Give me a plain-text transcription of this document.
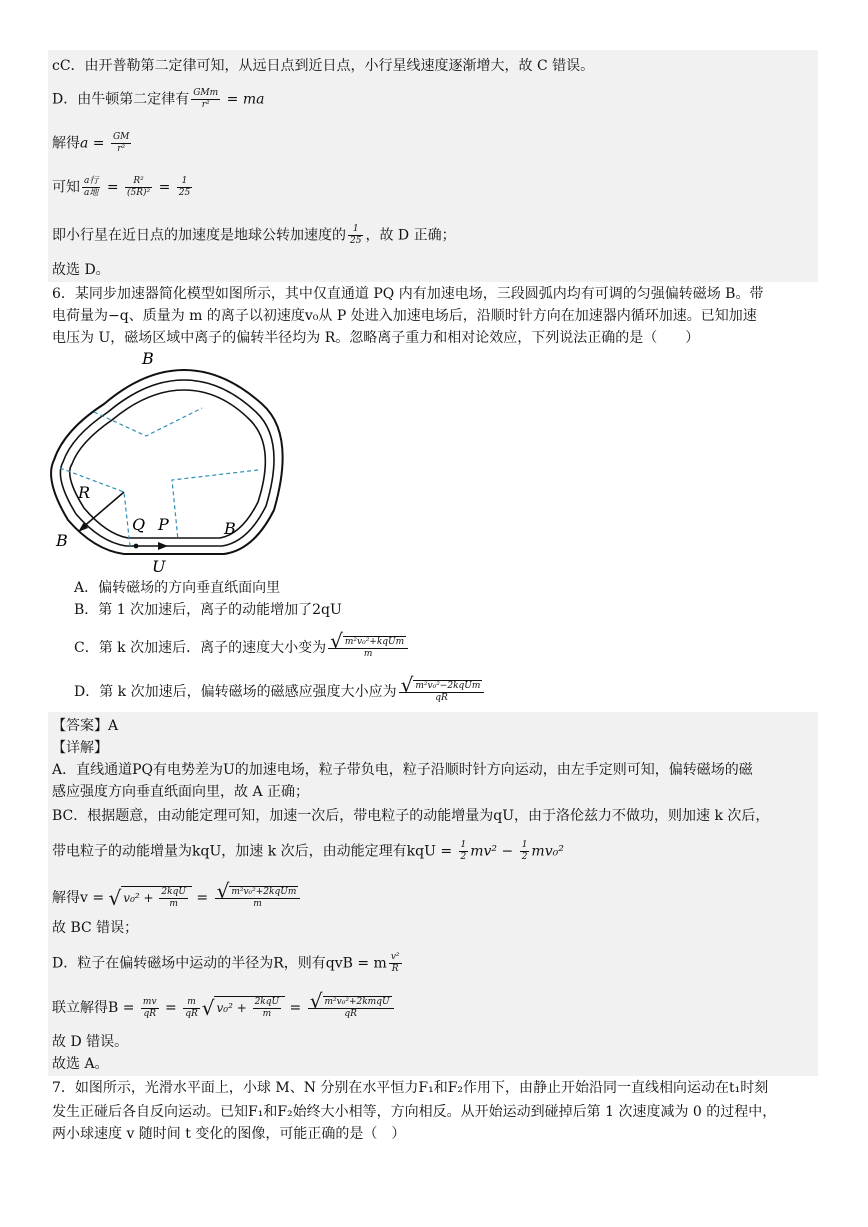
cC．由开普勒第二定律可知，从远日点到近日点，小行星线速度逐渐增大，故 C 错误。
D．由牛顿第二定律有 $\frac{\text{GMm}}{\text{r²}}$ = ma
解得$a = \frac{GM}{\text{r²}}$
可知 $\frac{\text{a行}}{\text{a地}} = \frac{\text{R²}}{\text{(5R)²}} = \frac{1}{25}$
即小行星在近日点的加速度是地球公转加速度的 $\frac{1}{25}$ ，故 D 正确；
故选 D。
6．某同步加速器简化模型如图所示，其中仅直通道 PQ 内有加速电场，三段圆弧内均有可调的匀强偏转磁场 B。带
电荷量为−q、质量为 m 的离子以初速度v₀从 P 处进入加速电场后，沿顺时针方向在加速器内循环加速。已知加速
电压为 U，磁场区域中离子的偏转半径均为 R。忽略离子重力和相对论效应，下列说法正确的是（　　）
B
B
B
R
Q P
U
A．偏转磁场的方向垂直纸面向里
B．第 1 次加速后，离子的动能增加了2qU
C．第 k 次加速后．离子的速度大小变为 $\frac{\text{√ m²v₀²+kqUm}}{m}$
D．第 k 次加速后，偏转磁场的磁感应强度大小应为 $\frac{\text{√ m²v₀²−2kqUm}}{qR}$
【答案】A
【详解】
A．直线通道PQ有电势差为U的加速电场，粒子带负电，粒子沿顺时针方向运动，由左手定则可知，偏转磁场的磁
感应强度方向垂直纸面向里，故 A 正确；
BC．根据题意，由动能定理可知，加速一次后，带电粒子的动能增量为qU，由于洛伦兹力不做功，则加速 k 次后，
带电粒子的动能增量为kqU，加速 k 次后，由动能定理有kqU = $\frac{1}{2} mv^2 - \frac{1}{2} mv_0^2$
解得v = √ $v_0^2 + \frac{\text{2kqU}}{m} = \frac{\text{√ m²v₀²+2kqUm}}{m}$
故 BC 错误；
D．粒子在偏转磁场中运动的半径为R，则有qvB = m $\frac{\text{v²}}{R}$
联立解得$B = \frac{mv}{qR} = \frac{m}{qR}$ √ $v_0^2 + \frac{\text{2kqU}}{m} = \frac{\text{√ m²v₀²+2kmqU}}{qR}$
故 D 错误。
故选 A。
7．如图所示，光滑水平面上，小球 M、N 分别在水平恒力F₁和F₂作用下，由静止开始沿同一直线相向运动在t₁时刻
发生正碰后各自反向运动。已知F₁和F₂始终大小相等，方向相反。从开始运动到碰掉后第 1 次速度减为 0 的过程中，
两小球速度 v 随时间 t 变化的图像，可能正确的是（　）
